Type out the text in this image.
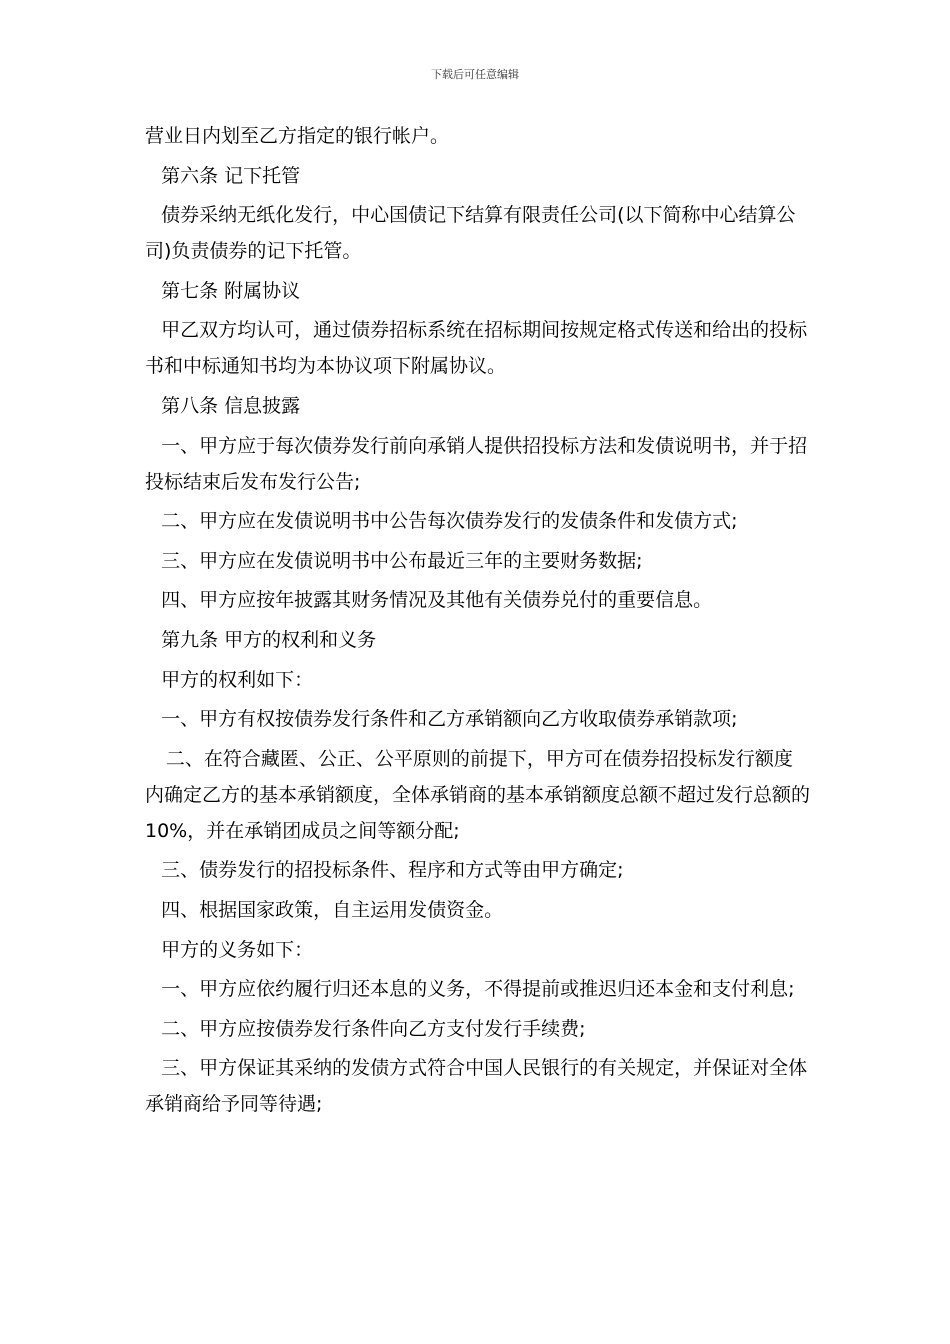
下载后可任意编辑

营业日内划至乙方指定的银行帐户。

第六条 记下托管

债券采纳无纸化发行，中心国债记下结算有限责任公司(以下简称中心结算公司)负责债券的记下托管。

第七条 附属协议

甲乙双方均认可，通过债券招标系统在招标期间按规定格式传送和给出的投标书和中标通知书均为本协议项下附属协议。

第八条 信息披露

一、甲方应于每次债券发行前向承销人提供招投标方法和发债说明书，并于招投标结束后发布发行公告;

二、甲方应在发债说明书中公告每次债券发行的发债条件和发债方式;

三、甲方应在发债说明书中公布最近三年的主要财务数据;

四、甲方应按年披露其财务情况及其他有关债券兑付的重要信息。

第九条 甲方的权利和义务

甲方的权利如下：

一、甲方有权按债券发行条件和乙方承销额向乙方收取债券承销款项;

二、在符合藏匿、公正、公平原则的前提下，甲方可在债券招投标发行额度内确定乙方的基本承销额度，全体承销商的基本承销额度总额不超过发行总额的 10%，并在承销团成员之间等额分配;

三、债券发行的招投标条件、程序和方式等由甲方确定;

四、根据国家政策，自主运用发债资金。

甲方的义务如下：

一、甲方应依约履行归还本息的义务，不得提前或推迟归还本金和支付利息;

二、甲方应按债券发行条件向乙方支付发行手续费;

三、甲方保证其采纳的发债方式符合中国人民银行的有关规定，并保证对全体承销商给予同等待遇;
